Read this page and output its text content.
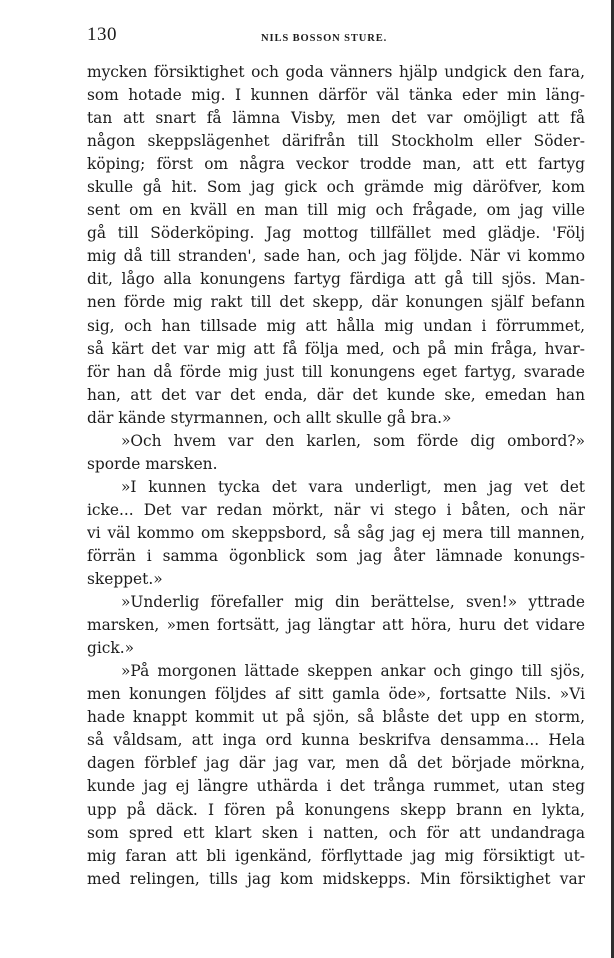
130	NILS BOSSON STURE.
mycken försiktighet och goda vänners hjälp undgick den fara,
som hotade mig. I kunnen därför väl tänka eder min läng-
tan att snart få lämna Visby, men det var omöjligt att få
någon skeppslägenhet därifrån till Stockholm eller Söder-
köping; först om några veckor trodde man, att ett fartyg
skulle gå hit. Som jag gick och grämde mig däröfver, kom
sent om en kväll en man till mig och frågade, om jag ville
gå till Söderköping. Jag mottog tillfället med glädje. 'Följ
mig då till stranden', sade han, och jag följde. När vi kommo
dit, lågo alla konungens fartyg färdiga att gå till sjös. Man-
nen förde mig rakt till det skepp, där konungen själf befann
sig, och han tillsade mig att hålla mig undan i förrummet,
så kärt det var mig att få följa med, och på min fråga, hvar-
för han då förde mig just till konungens eget fartyg, svarade
han, att det var det enda, där det kunde ske, emedan han
där kände styrmannen, och allt skulle gå bra.»
»Och hvem var den karlen, som förde dig ombord?»
sporde marsken.
»I kunnen tycka det vara underligt, men jag vet det
icke... Det var redan mörkt, när vi stego i båten, och när
vi väl kommo om skeppsbord, så såg jag ej mera till mannen,
förrän i samma ögonblick som jag åter lämnade konungs-
skeppet.»
»Underlig förefaller mig din berättelse, sven!» yttrade
marsken, »men fortsätt, jag längtar att höra, huru det vidare
gick.»
»På morgonen lättade skeppen ankar och gingo till sjös,
men konungen följdes af sitt gamla öde», fortsatte Nils. »Vi
hade knappt kommit ut på sjön, så blåste det upp en storm,
så våldsam, att inga ord kunna beskrifva densamma... Hela
dagen förblef jag där jag var, men då det började mörkna,
kunde jag ej längre uthärda i det trånga rummet, utan steg
upp på däck. I fören på konungens skepp brann en lykta,
som spred ett klart sken i natten, och för att undandraga
mig faran att bli igenkänd, förflyttade jag mig försiktigt ut-
med relingen, tills jag kom midskepps. Min försiktighet var
